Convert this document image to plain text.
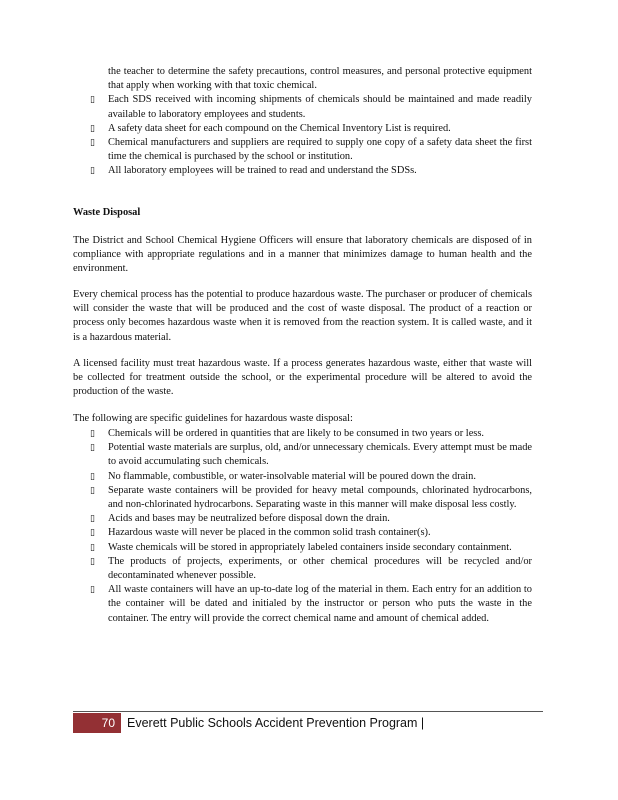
the teacher to determine the safety precautions, control measures, and personal protective equipment that apply when working with that toxic chemical.
▯ Each SDS received with incoming shipments of chemicals should be maintained and made readily available to laboratory employees and students.
▯ A safety data sheet for each compound on the Chemical Inventory List is required.
▯ Chemical manufacturers and suppliers are required to supply one copy of a safety data sheet the first time the chemical is purchased by the school or institution.
▯ All laboratory employees will be trained to read and understand the SDSs.
Waste Disposal

The District and School Chemical Hygiene Officers will ensure that laboratory chemicals are disposed of in compliance with appropriate regulations and in a manner that minimizes damage to human health and the environment.

Every chemical process has the potential to produce hazardous waste. The purchaser or producer of chemicals will consider the waste that will be produced and the cost of waste disposal. The product of a reaction or process only becomes hazardous waste when it is removed from the reaction system. It is called waste, and it is a hazardous material.

A licensed facility must treat hazardous waste. If a process generates hazardous waste, either that waste will be collected for treatment outside the school, or the experimental procedure will be altered to avoid the production of the waste.

The following are specific guidelines for hazardous waste disposal:

▯ Chemicals will be ordered in quantities that are likely to be consumed in two years or less.
▯ Potential waste materials are surplus, old, and/or unnecessary chemicals. Every attempt must be made to avoid accumulating such chemicals.
▯ No flammable, combustible, or water-insolvable material will be poured down the drain.
▯ Separate waste containers will be provided for heavy metal compounds, chlorinated hydrocarbons, and non-chlorinated hydrocarbons. Separating waste in this manner will make disposal less costly.
▯ Acids and bases may be neutralized before disposal down the drain.
▯ Hazardous waste will never be placed in the common solid trash container(s).
▯ Waste chemicals will be stored in appropriately labeled containers inside secondary containment.
▯ The products of projects, experiments, or other chemical procedures will be recycled and/or decontaminated whenever possible.
▯ All waste containers will have an up-to-date log of the material in them. Each entry for an addition to the container will be dated and initialed by the instructor or person who puts the waste in the container. The entry will provide the correct chemical name and amount of chemical added.
70 Everett Public Schools Accident Prevention Program |
